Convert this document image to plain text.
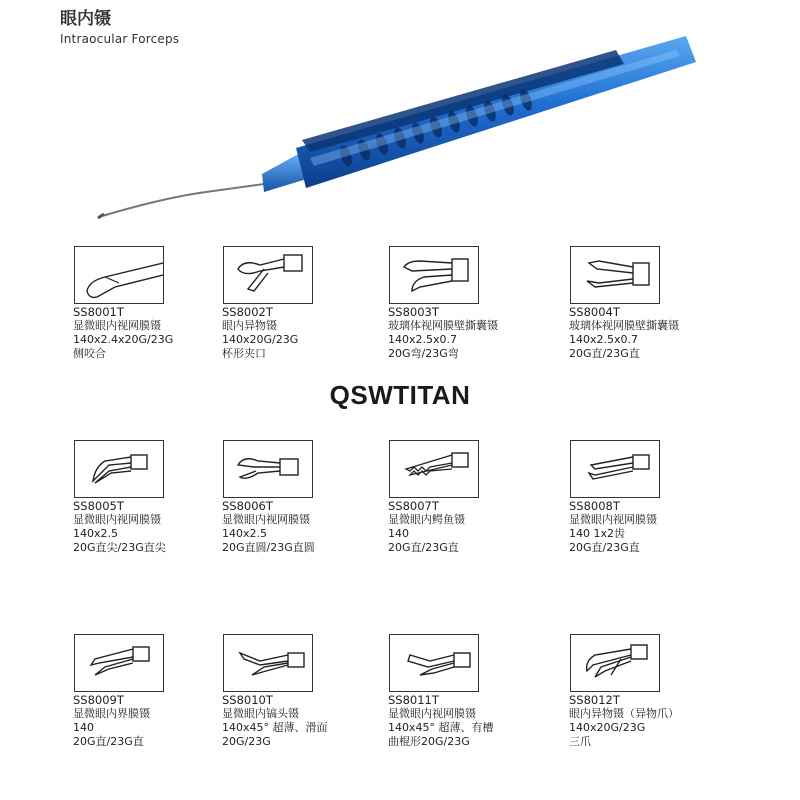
眼内镊
Intraocular Forceps
QSWTITAN
SS8001T
显微眼内视网膜镊
140x2.4x20G/23G
侧咬合
SS8002T
眼内异物镊
140x20G/23G
杯形夹口
SS8003T
玻璃体视网膜壁撕囊镊
140x2.5x0.7
20G弯/23G弯
SS8004T
玻璃体视网膜壁撕囊镊
140x2.5x0.7
20G直/23G直
SS8005T
显微眼内视网膜镊
140x2.5
20G直尖/23G直尖
SS8006T
显微眼内视网膜镊
140x2.5
20G直圆/23G直圆
SS8007T
显微眼内鳄鱼镊
140
20G直/23G直
SS8008T
显微眼内视网膜镊
140 1x2齿
20G直/23G直
SS8009T
显微眼内界膜镊
140
20G直/23G直
SS8010T
显微眼内镐头镊
140x45° 超薄、滑面
20G/23G
SS8011T
显微眼内视网膜镊
140x45° 超薄、有槽
曲棍形20G/23G
SS8012T
眼内异物镊（异物爪）
140x20G/23G
三爪
